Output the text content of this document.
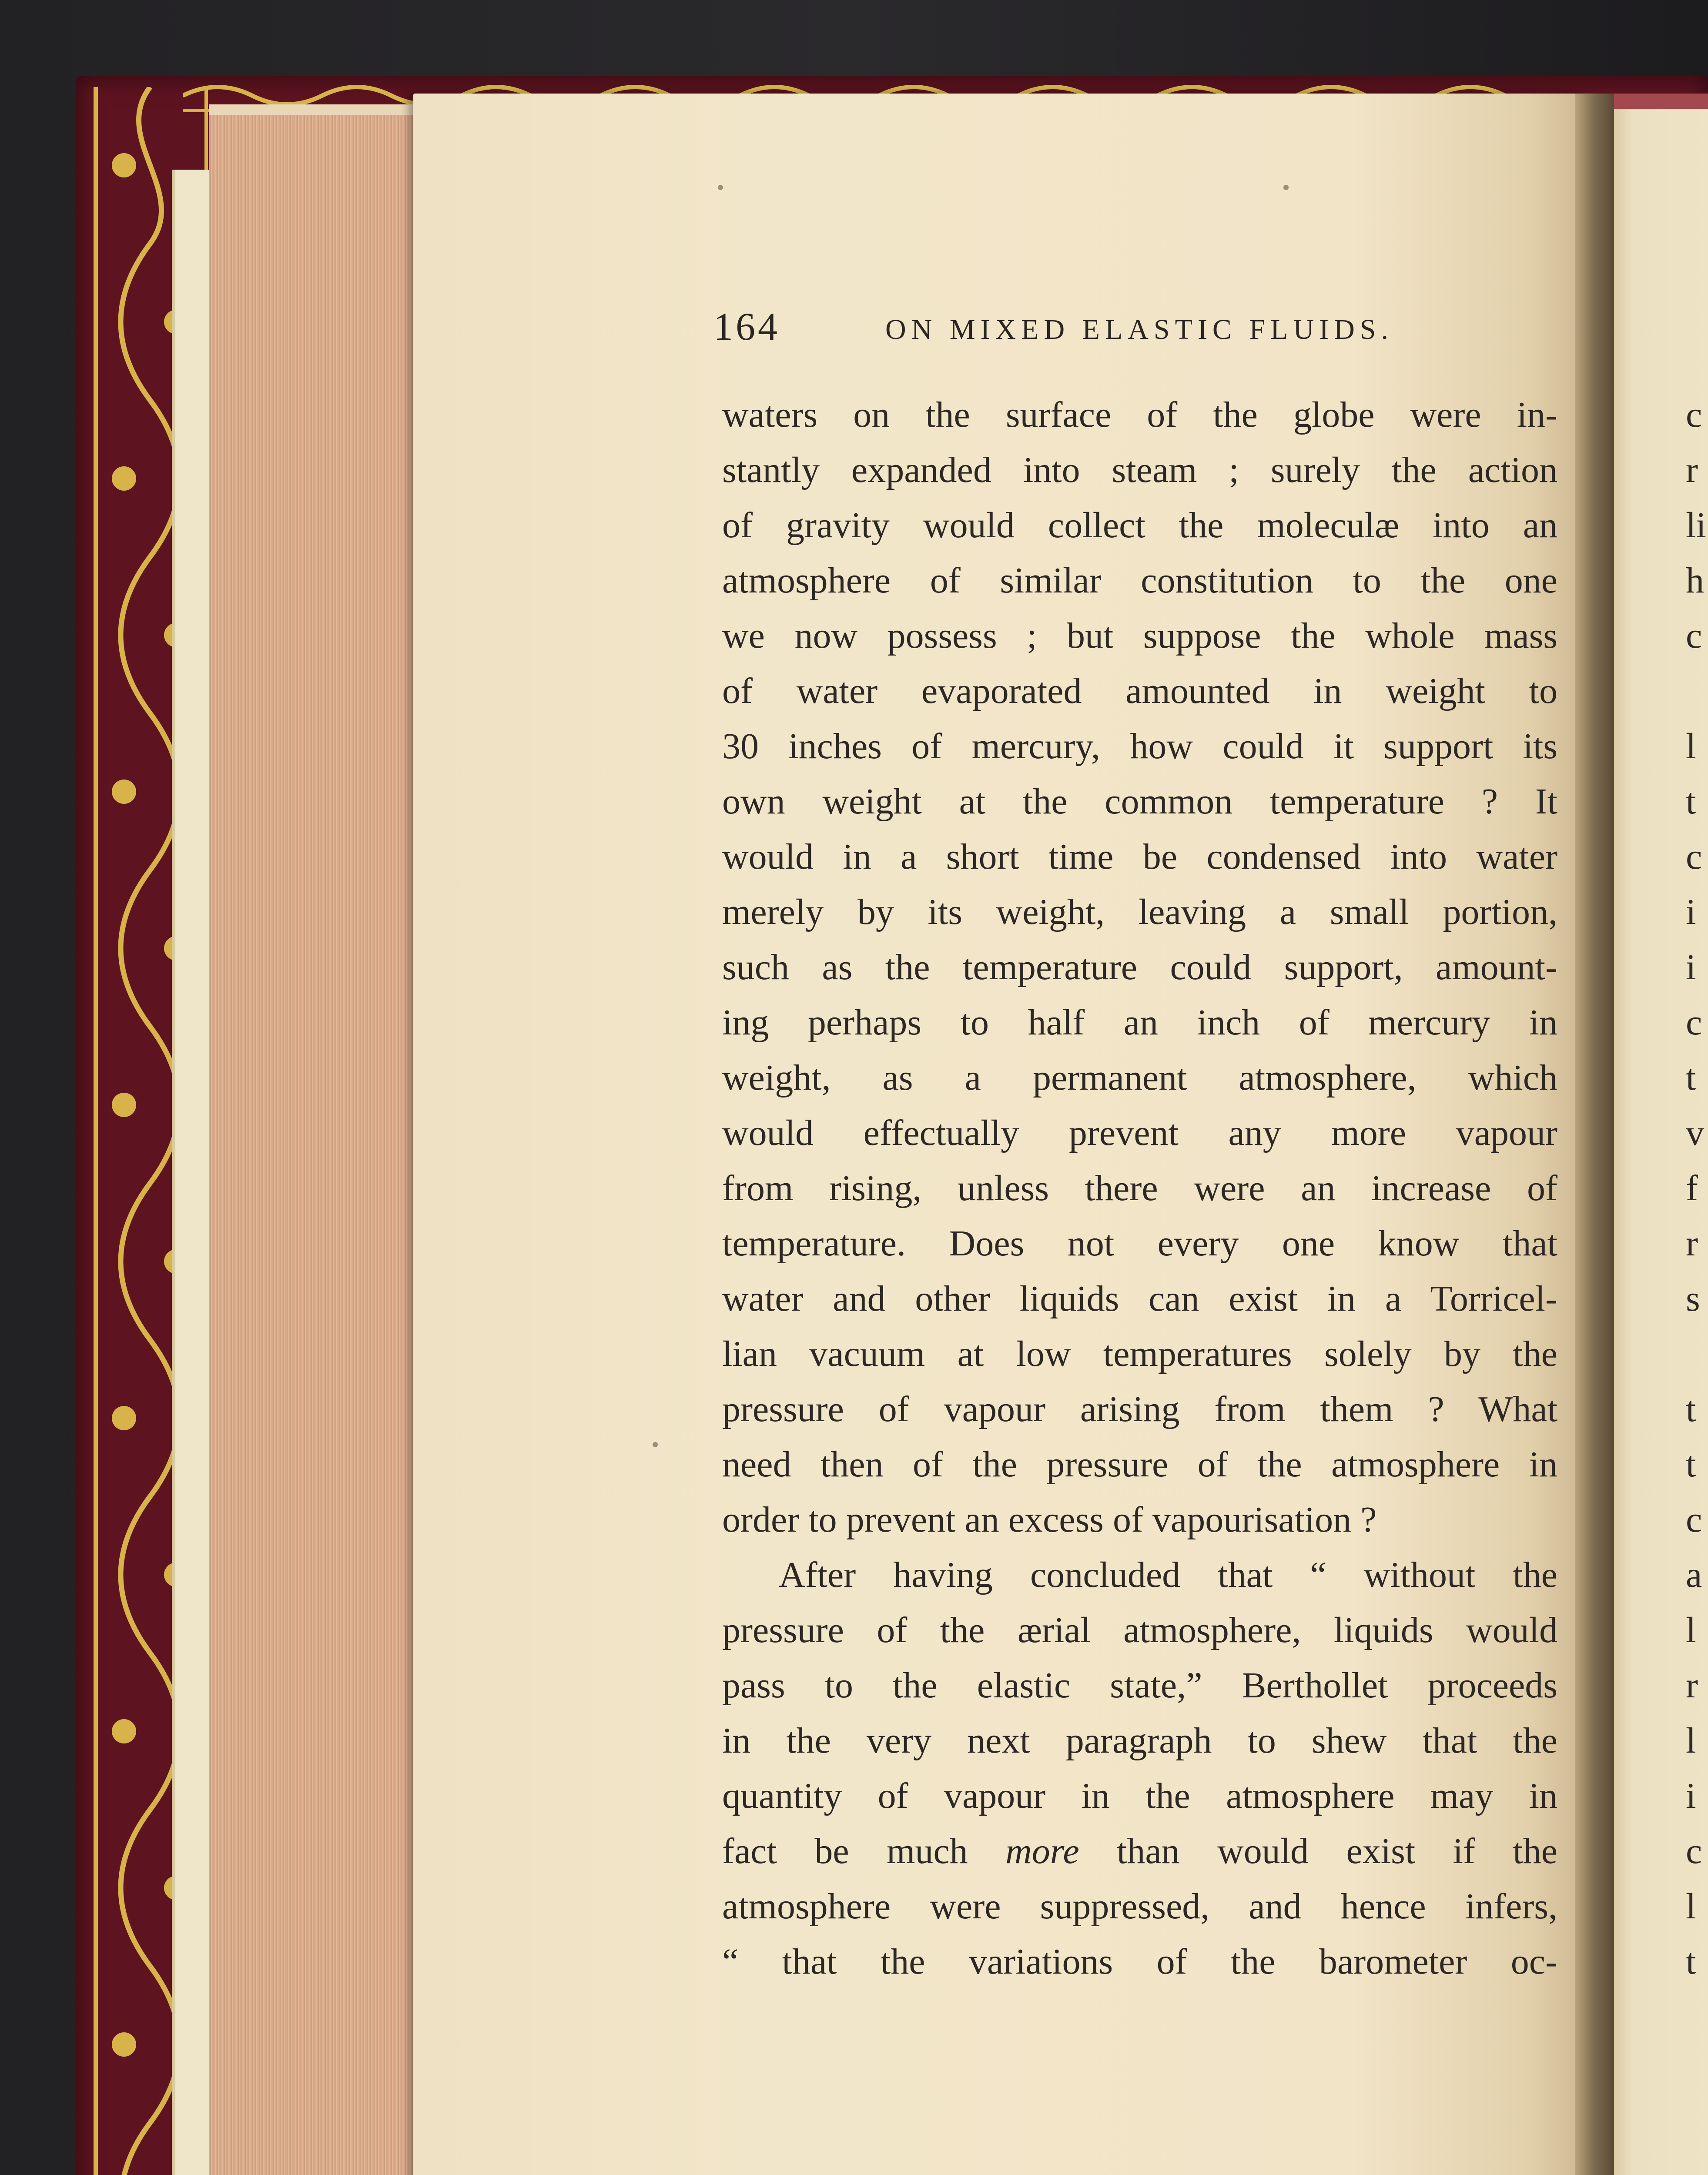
c
r
li
h
c
l
t
c
i
i
c
t
v
f
r
s
t
t
c
a
l
r
l
i
c
l
t
164	ON MIXED ELASTIC FLUIDS.
waters on the surface of the globe were in-
stantly expanded into steam ; surely the action
of gravity would collect the moleculæ into an
atmosphere of similar constitution to the one
we now possess ; but suppose the whole mass
of water evaporated amounted in weight to
30 inches of mercury, how could it support its
own weight at the common temperature ? It
would in a short time be condensed into water
merely by its weight, leaving a small portion,
such as the temperature could support, amount-
ing perhaps to half an inch of mercury in
weight, as a permanent atmosphere, which
would effectually prevent any more vapour
from rising, unless there were an increase of
temperature. Does not every one know that
water and other liquids can exist in a Torricel-
lian vacuum at low temperatures solely by the
pressure of vapour arising from them ? What
need then of the pressure of the atmosphere in
order to prevent an excess of vapourisation ?
After having concluded that “ without the
pressure of the ærial atmosphere, liquids would
pass to the elastic state,” Berthollet proceeds
in the very next paragraph to shew that the
quantity of vapour in the atmosphere may in
fact be much more than would exist if the
atmosphere were suppressed, and hence infers,
“ that the variations of the barometer oc-
